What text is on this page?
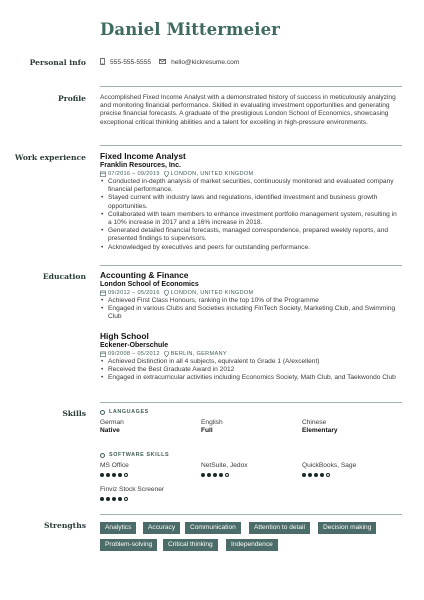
Daniel Mittermeier
Personal info	555-555-5555	hello@kickresume.com
Profile Accomplished Fixed Income Analyst with a demonstrated history of success in meticulously analyzing and monitoring financial performance. Skilled in evaluating investment opportunities and generating precise financial forecasts. A graduate of the prestigious London School of Economics, showcasing exceptional critical thinking abilities and a talent for excelling in high-pressure environments.
Work experience Fixed Income Analyst
Franklin Resources, Inc.
07/2016 – 09/2019 LONDON, UNITED KINGDOM
• Conducted in-depth analysis of market securities, continuously monitored and evaluated company financial performance.
• Stayed current with industry laws and regulations, identified investment and business growth opportunities.
• Collaborated with team members to enhance investment portfolio management system, resulting in a 10% increase in 2017 and a 16% increase in 2018.
• Generated detailed financial forecasts, managed correspondence, prepared weekly reports, and presented findings to supervisors.
• Acknowledged by executives and peers for outstanding performance.
Education Accounting & Finance
London School of Economics
09/2012 – 05/2016 LONDON, UNITED KINGDOM
• Achieved First Class Honours, ranking in the top 10% of the Programme
• Engaged in various Clubs and Societies including FinTech Society, Marketing Club, and Swimming Club
High School
Eckener-Oberschule
09/2008 – 05/2012 BERLIN, GERMANY
• Achieved Distinction in all 4 subjects, equivalent to Grade 1 (A/excellent)
• Received the Best Graduate Award in 2012
• Engaged in extracurricular activities including Economics Society, Math Club, and Taekwondo Club
Skills	LANGUAGES
German
Native
English
Full
Chinese
Elementary
SOFTWARE SKILLS
MS Office	NetSuite, Jedox	QuickBooks, Sage
Finviz Stock Screener
Strengths	Analytics	Accuracy	Communication	Attention to detail	Decision making
Problem-solving	Critical thinking	Independence
